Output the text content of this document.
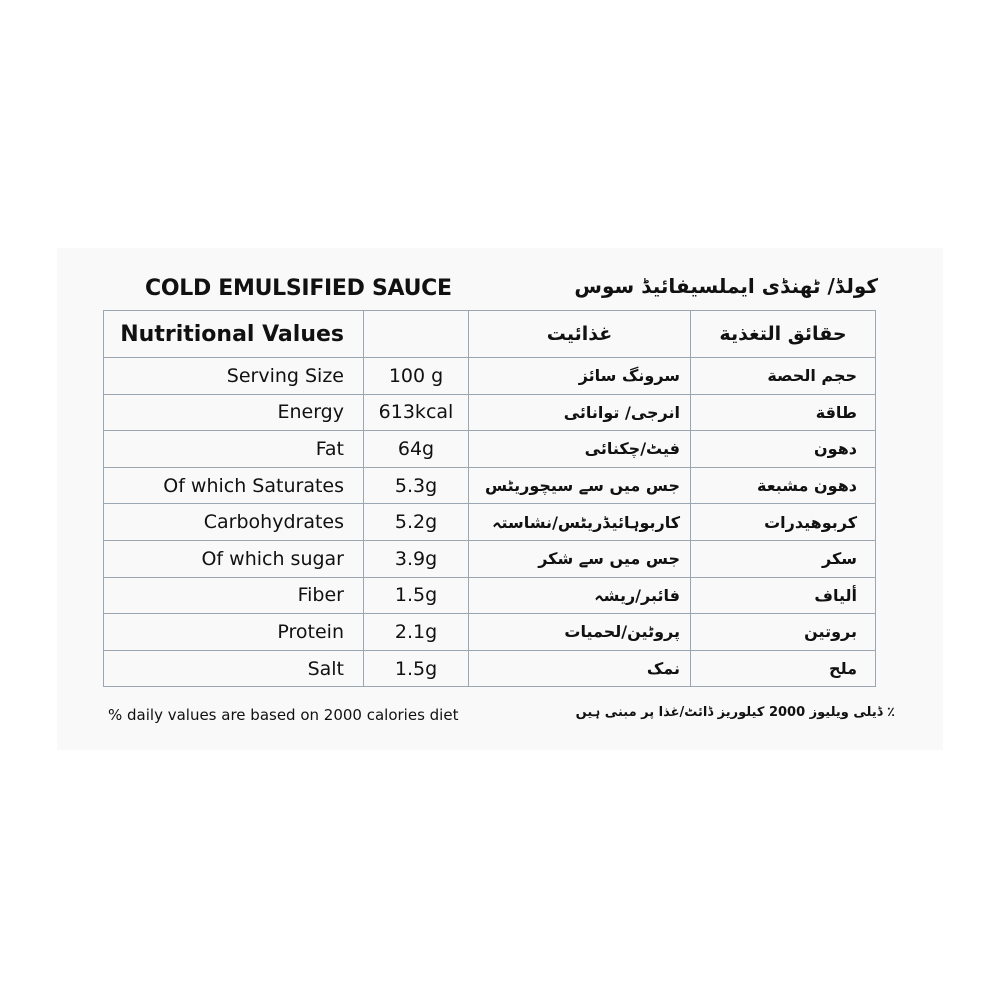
COLD EMULSIFIED SAUCE	کولڈ/ ٹھنڈی ایملسیفائیڈ سوس
Nutritional Values		غذائیت	حقائق التغذية
Serving Size	100 g	سرونگ سائز	حجم الحصة
Energy	613kcal	انرجی/ توانائی	طاقة
Fat	64g	فیٹ/چکنائی	دهون
Of which Saturates	5.3g	جس میں سے سیچوریٹس	دهون مشبعة
Carbohydrates	5.2g	کاربوہائیڈریٹس/نشاستہ	كربوهيدرات
Of which sugar	3.9g	جس میں سے شکر	سكر
Fiber	1.5g	فائبر/ریشہ	ألياف
Protein	2.1g	پروٹین/لحمیات	بروتين
Salt	1.5g	نمک	ملح
% daily values are based on 2000 calories diet	٪ ڈیلی ویلیوز 2000 کیلوریز ڈائٹ/غذا پر مبنی ہیں
